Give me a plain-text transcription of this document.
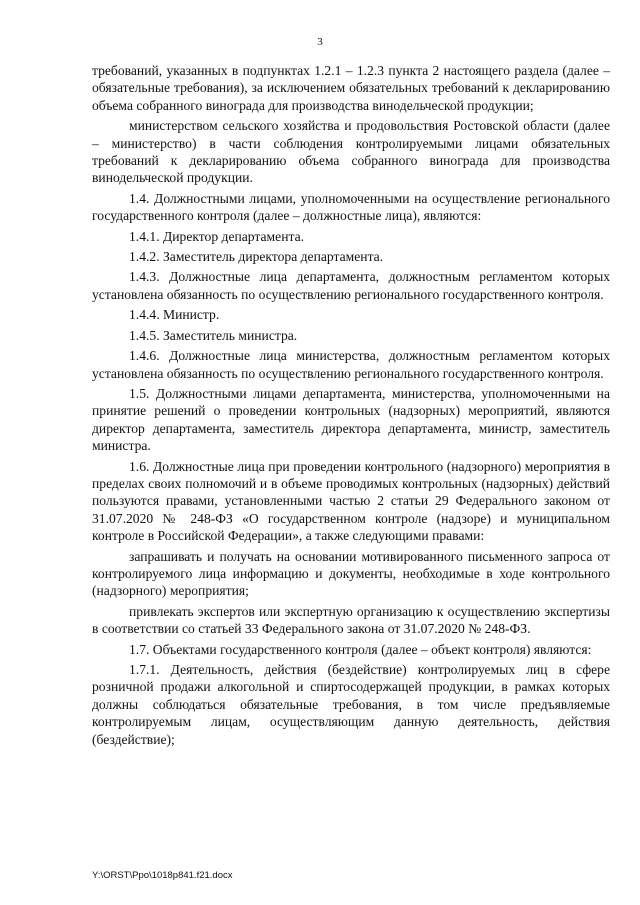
3

требований, указанных в подпунктах 1.2.1 – 1.2.3 пункта 2 настоящего раздела (далее – обязательные требования), за исключением обязательных требований к декларированию объема собранного винограда для производства винодельческой продукции;

министерством сельского хозяйства и продовольствия Ростовской области (далее – министерство) в части соблюдения контролируемыми лицами обязательных требований к декларированию объема собранного винограда для производства винодельческой продукции.

1.4. Должностными лицами, уполномоченными на осуществление регионального государственного контроля (далее – должностные лица), являются:

1.4.1. Директор департамента.

1.4.2. Заместитель директора департамента.

1.4.3. Должностные лица департамента, должностным регламентом которых установлена обязанность по осуществлению регионального государственного контроля.

1.4.4. Министр.

1.4.5. Заместитель министра.

1.4.6. Должностные лица министерства, должностным регламентом которых установлена обязанность по осуществлению регионального государственного контроля.

1.5. Должностными лицами департамента, министерства, уполномоченными на принятие решений о проведении контрольных (надзорных) мероприятий, являются директор департамента, заместитель директора департамента, министр, заместитель министра.

1.6. Должностные лица при проведении контрольного (надзорного) мероприятия в пределах своих полномочий и в объеме проводимых контрольных (надзорных) действий пользуются правами, установленными частью 2 статьи 29 Федерального законом от 31.07.2020 № 248-ФЗ «О государственном контроле (надзоре) и муниципальном контроле в Российской Федерации», а также следующими правами:

запрашивать и получать на основании мотивированного письменного запроса от контролируемого лица информацию и документы, необходимые в ходе контрольного (надзорного) мероприятия;

привлекать экспертов или экспертную организацию к осуществлению экспертизы в соответствии со статьей 33 Федерального закона от 31.07.2020 № 248-ФЗ.

1.7. Объектами государственного контроля (далее – объект контроля) являются:

1.7.1. Деятельность, действия (бездействие) контролируемых лиц в сфере розничной продажи алкогольной и спиртосодержащей продукции, в рамках которых должны соблюдаться обязательные требования, в том числе предъявляемые контролируемым лицам, осуществляющим данную деятельность, действия (бездействие);

Y:\ORST\Ppo\1018p841.f21.docx
